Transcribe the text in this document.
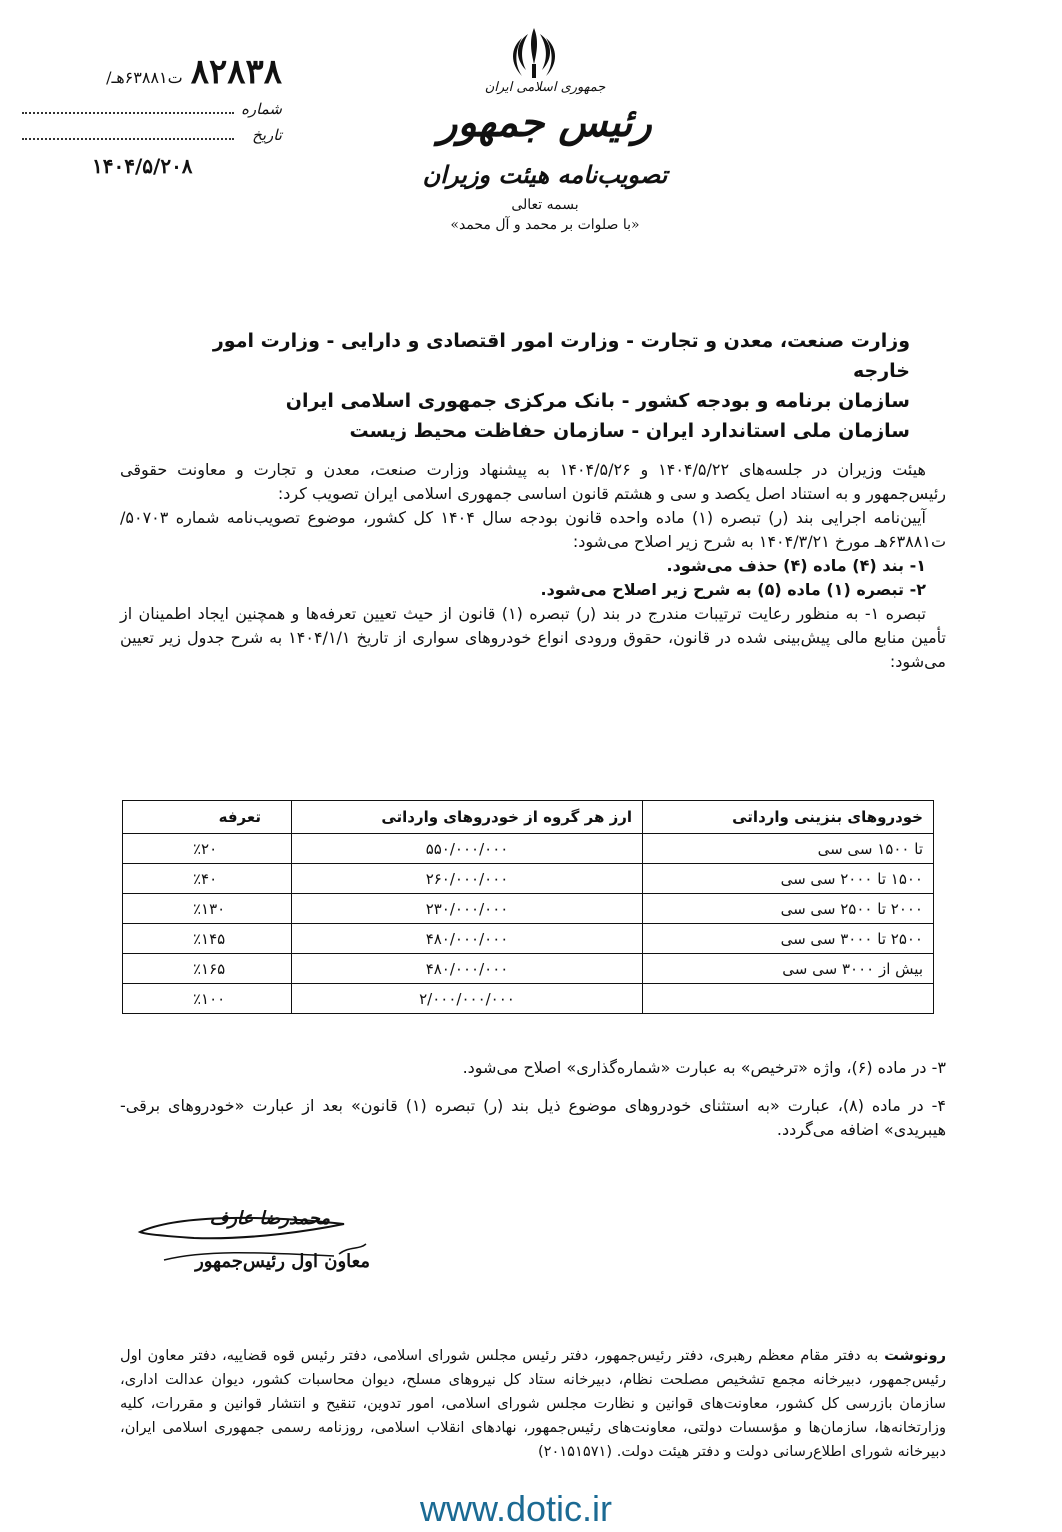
جمهوری اسلامی ایران
رئیس جمهور
تصویب‌نامه هیئت وزیران
بسمه تعالی
«با صلوات بر محمد و آل محمد»
۸۲۸۳۸
ت۶۳۸۸۱هـ/
شماره
تاریخ
۱۴۰۴/۵/۲۰۸
وزارت صنعت، معدن و تجارت - وزارت امور اقتصادی و دارایی - وزارت امور خارجه
سازمان برنامه و بودجه کشور - بانک مرکزی جمهوری اسلامی ایران
سازمان ملی استاندارد ایران - سازمان حفاظت محیط زیست

هیئت وزیران در جلسه‌های ۱۴۰۴/۵/۲۲ و ۱۴۰۴/۵/۲۶ به پیشنهاد وزارت صنعت، معدن و تجارت و معاونت حقوقی رئیس‌جمهور و به استناد اصل یکصد و سی و هشتم قانون اساسی جمهوری اسلامی ایران تصویب کرد:

آیین‌نامه اجرایی بند (ر) تبصره (۱) ماده واحده قانون بودجه سال ۱۴۰۴ کل کشور، موضوع تصویب‌نامه شماره ۵۰۷۰۳/ت۶۳۸۸۱هـ مورخ ۱۴۰۴/۳/۲۱ به شرح زیر اصلاح می‌شود:

۱- بند (۴) ماده (۴) حذف می‌شود.

۲- تبصره (۱) ماده (۵) به شرح زیر اصلاح می‌شود.

تبصره ۱- به منظور رعایت ترتیبات مندرج در بند (ر) تبصره (۱) قانون از حیث تعیین تعرفه‌ها و همچنین ایجاد اطمینان از تأمین منابع مالی پیش‌بینی شده در قانون، حقوق ورودی انواع خودروهای سواری از تاریخ ۱۴۰۴/۱/۱ به شرح جدول زیر تعیین می‌شود:

خودروهای بنزینی وارداتی	ارز هر گروه از خودروهای وارداتی	تعرفه
تا ۱۵۰۰ سی سی	۵۵۰/۰۰۰/۰۰۰	٪۲۰
۱۵۰۰ تا ۲۰۰۰ سی سی	۲۶۰/۰۰۰/۰۰۰	٪۴۰
۲۰۰۰ تا ۲۵۰۰ سی سی	۲۳۰/۰۰۰/۰۰۰	٪۱۳۰
۲۵۰۰ تا ۳۰۰۰ سی سی	۴۸۰/۰۰۰/۰۰۰	٪۱۴۵
بیش از ۳۰۰۰ سی سی	۴۸۰/۰۰۰/۰۰۰	٪۱۶۵
	۲/۰۰۰/۰۰۰/۰۰۰	٪۱۰۰

۳- در ماده (۶)، واژه «ترخیص» به عبارت «شماره‌گذاری» اصلاح می‌شود.

۴- در ماده (۸)، عبارت «به استثنای خودروهای موضوع ذیل بند (ر) تبصره (۱) قانون» بعد از عبارت «خودروهای برقی-هیبریدی» اضافه می‌گردد.

محمدرضا عارف
معاون اول رئیس‌جمهور
رونوشت به دفتر مقام معظم رهبری، دفتر رئیس‌جمهور، دفتر رئیس مجلس شورای اسلامی، دفتر رئیس قوه قضاییه، دفتر معاون اول رئیس‌جمهور، دبیرخانه مجمع تشخیص مصلحت نظام، دبیرخانه ستاد کل نیروهای مسلح، دیوان محاسبات کشور، دیوان عدالت اداری، سازمان بازرسی کل کشور، معاونت‌های قوانین و نظارت مجلس شورای اسلامی، امور تدوین، تنقیح و انتشار قوانین و مقررات، کلیه وزارتخانه‌ها، سازمان‌ها و مؤسسات دولتی، معاونت‌های رئیس‌جمهور، نهادهای انقلاب اسلامی، روزنامه رسمی جمهوری اسلامی ایران، دبیرخانه شورای اطلاع‌رسانی دولت و دفتر هیئت دولت. (۲۰۱۵۱۵۷۱)
www.dotic.ir
